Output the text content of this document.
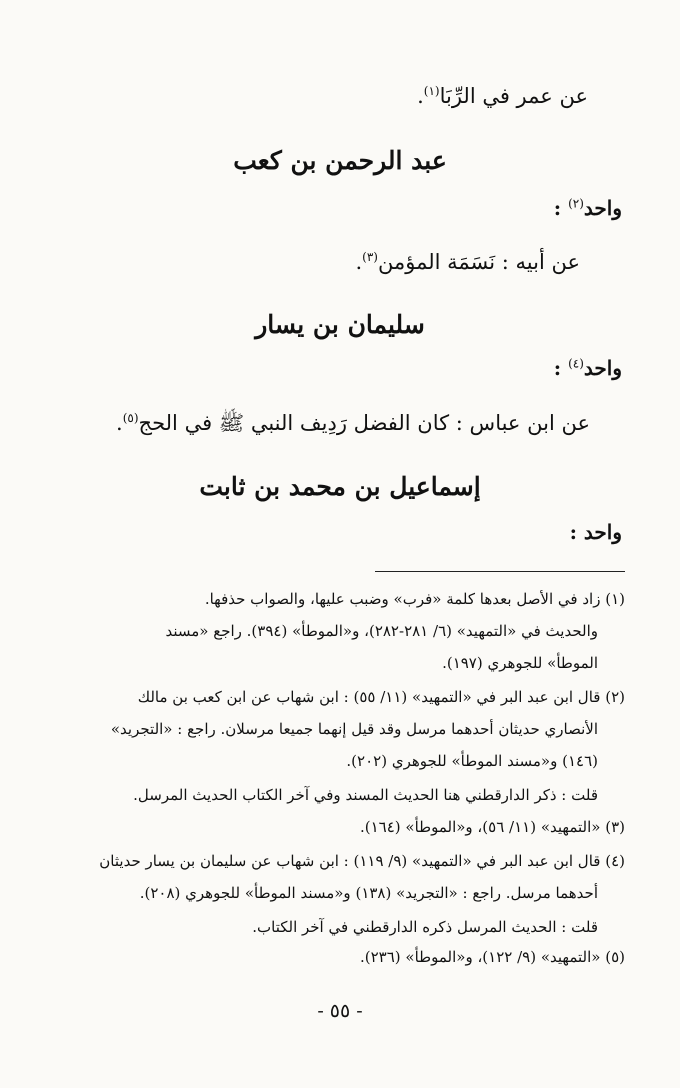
عن عمر في الرِّبَا$^{(١)}$.
عبد الرحمن بن كعب
واحد$^{(٢)}$ :
عن أبيه : نَسَمَة المؤمن$^{(٣)}$.
سليمان بن يسار
واحد$^{(٤)}$ :
عن ابن عباس : كان الفضل رَدِيف النبي ﷺ في الحج$^{(٥)}$.
إسماعيل بن محمد بن ثابت
واحد :
(١) زاد في الأصل بعدها كلمة «فرب» وضبب عليها، والصواب حذفها.
والحديث في «التمهيد» (٦/ ٢٨١-٢٨٢)، و«الموطأ» (٣٩٤). راجع «مسند
الموطأ» للجوهري (١٩٧).
(٢) قال ابن عبد البر في «التمهيد» (١١/ ٥٥) : ابن شهاب عن ابن كعب بن مالك
الأنصاري حديثان أحدهما مرسل وقد قيل إنهما جميعا مرسلان. راجع : «التجريد»
(١٤٦) و«مسند الموطأ» للجوهري (٢٠٢).
قلت : ذكر الدارقطني هنا الحديث المسند وفي آخر الكتاب الحديث المرسل.
(٣) «التمهيد» (١١/ ٥٦)، و«الموطأ» (١٦٤).
(٤) قال ابن عبد البر في «التمهيد» (٩/ ١١٩) : ابن شهاب عن سليمان بن يسار حديثان
أحدهما مرسل. راجع : «التجريد» (١٣٨) و«مسند الموطأ» للجوهري (٢٠٨).
قلت : الحديث المرسل ذكره الدارقطني في آخر الكتاب.
(٥) «التمهيد» (٩/ ١٢٢)، و«الموطأ» (٢٣٦).
- ٥٥ -
